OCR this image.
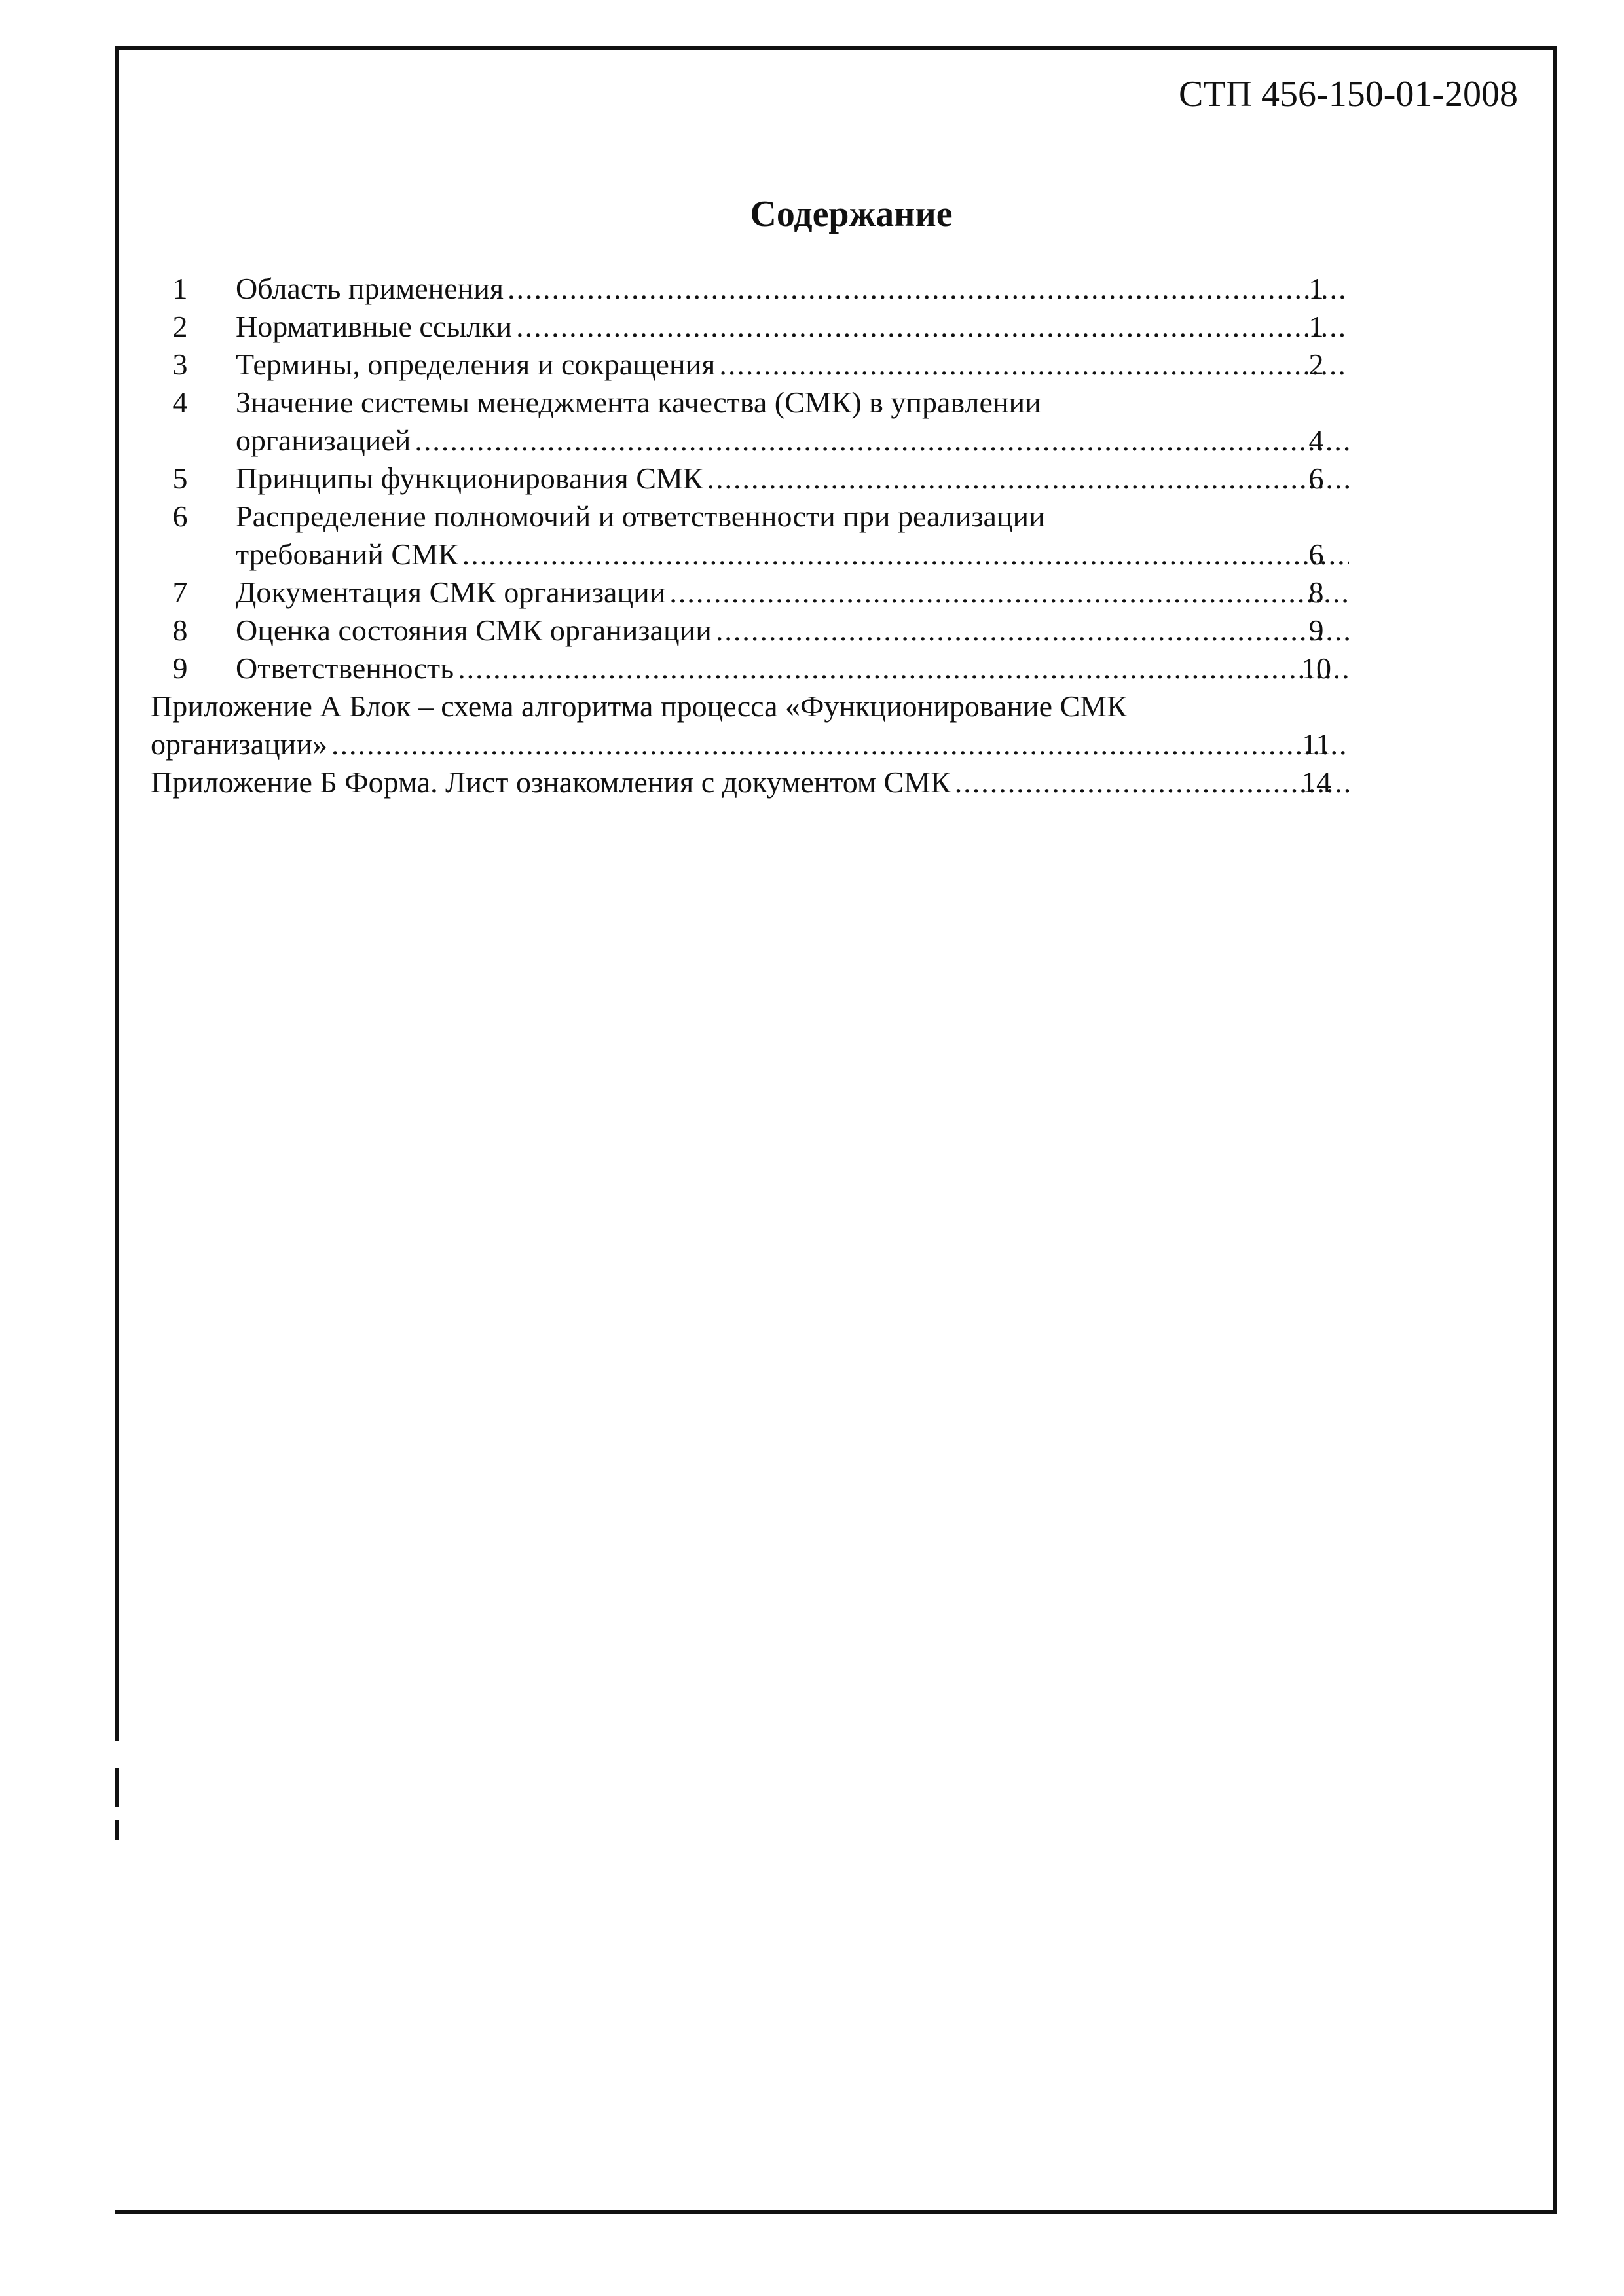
СТП 456-150-01-2008
Содержание
1	Область применения .....	1
2	Нормативные ссылки .....	1
3	Термины, определения и сокращения .....	2
4	Значение системы менеджмента качества (СМК) в управлении
организацией .....	4
5	Принципы функционирования СМК .....	6
6	Распределение полномочий и ответственности при реализации
требований СМК .....	6
7	Документация СМК организации .....	8
8	Оценка состояния СМК организации .....	9
9	Ответственность .....	10
Приложение А Блок – схема алгоритма процесса «Функционирование СМК
организации» .....	11
Приложение Б Форма. Лист ознакомления с документом СМК .....	14
